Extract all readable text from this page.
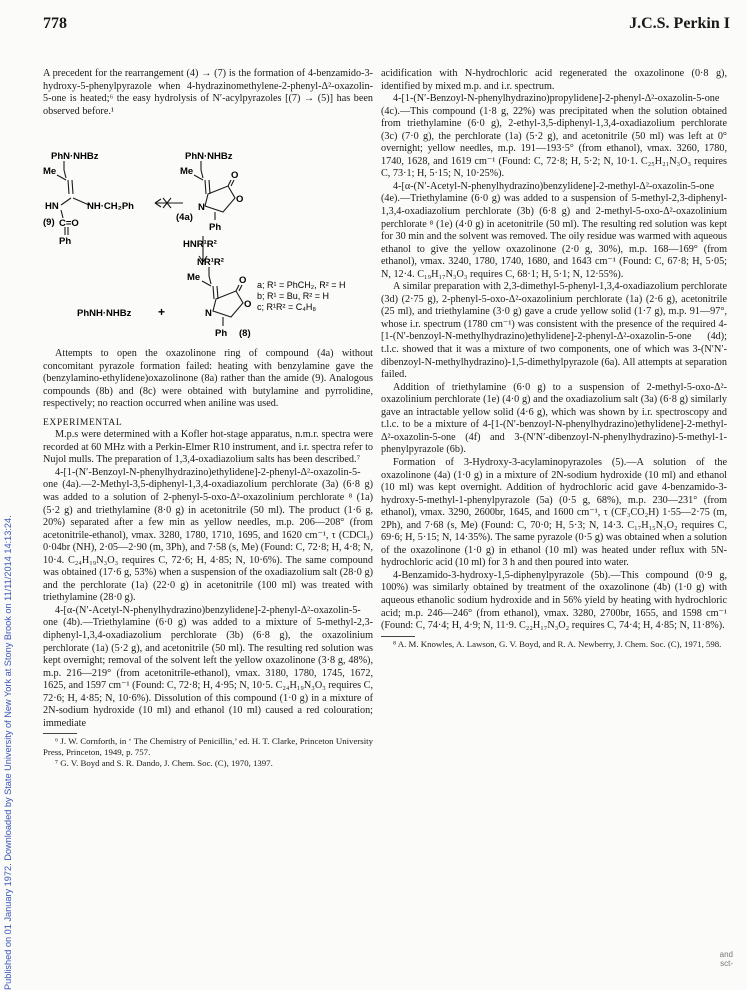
778	J.C.S. Perkin I
Published on 01 January 1972. Downloaded by State University of New York at Stony Brook on 11/11/2014 14:13:24.

A precedent for the rearrangement (4) → (7) is the formation of 4-benzamido-3-hydroxy-5-phenylpyrazole when 4-hydrazinomethylene-2-phenyl-Δ²-oxazolin-5-one is heated;⁶ the easy hydrolysis of N′-acylpyrazoles [(7) → (5)] has been observed before.¹

PhN·NHBz
Me
HN	NH·CH₂Ph
C=O
Ph
(9)
PhN·NHBz
Me	O
O
N
(4a)
Ph
HNR¹R²
NR¹R²
Me	O
O
N
Ph (8)
PhNH·NHBz +
a; R¹ = PhCH₂, R² = H
b; R¹ = Bu, R² = H
c; R¹R² = C₄H₈

Attempts to open the oxazolinone ring of compound (4a) without concomitant pyrazole formation failed: heating with benzylamine gave the (benzylamino-ethylidene)oxazolinone (8a) rather than the amide (9). Analogous compounds (8b) and (8c) were obtained with butylamine and pyrrolidine, respectively; no reaction occurred when aniline was used.

EXPERIMENTAL

M.p.s were determined with a Kofler hot-stage apparatus, n.m.r. spectra were recorded at 60 MHz with a Perkin-Elmer R10 instrument, and i.r. spectra refer to Nujol mulls. The preparation of 1,3,4-oxadiazolium salts has been described.⁷

4-[1-(N′-Benzoyl-N-phenylhydrazino)ethylidene]-2-phenyl-Δ²-oxazolin-5-one (4a).—2-Methyl-3,5-diphenyl-1,3,4-oxadiazolium perchlorate (3a) (6·8 g) was added to a solution of 2-phenyl-5-oxo-Δ²-oxazolinium perchlorate ⁸ (1a) (5·2 g) and triethylamine (8·0 g) in acetonitrile (50 ml). The product (1·6 g, 20%) separated after a few min as yellow needles, m.p. 206—208° (from acetonitrile-ethanol), νmax. 3280, 1780, 1710, 1695, and 1620 cm⁻¹, τ (CDCl₃) 0·04br (NH), 2·05—2·90 (m, 3Ph), and 7·58 (s, Me) (Found: C, 72·8; H, 4·8; N, 10·4. C₂₄H₁₉N₃O₃ requires C, 72·6; H, 4·85; N, 10·6%). The same compound was obtained (17·6 g, 53%) when a suspension of the oxadiazolium salt (28·0 g) and the perchlorate (1a) (22·0 g) in acetonitrile (100 ml) was treated with triethylamine (28·0 g).

4-[α-(N′-Acetyl-N-phenylhydrazino)benzylidene]-2-phenyl-Δ²-oxazolin-5-one (4b).—Triethylamine (6·0 g) was added to a mixture of 5-methyl-2,3-diphenyl-1,3,4-oxadiazolium perchlorate (3b) (6·8 g), the oxazolinium perchlorate (1a) (5·2 g), and acetonitrile (50 ml). The resulting red solution was kept overnight; removal of the solvent left the yellow oxazolinone (3·8 g, 48%), m.p. 216—219° (from acetonitrile-ethanol), νmax. 3180, 1780, 1745, 1672, 1625, and 1597 cm⁻¹ (Found: C, 72·8; H, 4·95; N, 10·5. C₂₄H₁₉N₃O₃ requires C, 72·6; H, 4·85; N, 10·6%). Dissolution of this compound (1·0 g) in a mixture of 2N-sodium hydroxide (10 ml) and ethanol (10 ml) caused a red colouration; immediate

⁶ J. W. Cornforth, in ‘ The Chemistry of Penicillin,’ ed. H. T. Clarke, Princeton University Press, Princeton, 1949, p. 757.

⁷ G. V. Boyd and S. R. Dando, J. Chem. Soc. (C), 1970, 1397.

acidification with N-hydrochloric acid regenerated the oxazolinone (0·8 g), identified by mixed m.p. and i.r. spectrum.

4-[1-(N′-Benzoyl-N-phenylhydrazino)propylidene]-2-phenyl-Δ²-oxazolin-5-one (4c).—This compound (1·8 g, 22%) was precipitated when the solution obtained from triethylamine (6·0 g), 2-ethyl-3,5-diphenyl-1,3,4-oxadiazolium perchlorate (3c) (7·0 g), the perchlorate (1a) (5·2 g), and acetonitrile (50 ml) was left at 0° overnight; yellow needles, m.p. 191—193·5° (from ethanol), νmax. 3260, 1780, 1740, 1628, and 1619 cm⁻¹ (Found: C, 72·8; H, 5·2; N, 10·1. C₂₅H₂₁N₃O₃ requires C, 73·1; H, 5·15; N, 10·25%).

4-[α-(N′-Acetyl-N-phenylhydrazino)benzylidene]-2-methyl-Δ²-oxazolin-5-one (4e).—Triethylamine (6·0 g) was added to a suspension of 5-methyl-2,3-diphenyl-1,3,4-oxadiazolium perchlorate (3b) (6·8 g) and 2-methyl-5-oxo-Δ²-oxazolinium perchlorate ⁸ (1e) (4·0 g) in acetonitrile (50 ml). The resulting red solution was kept for 30 min and the solvent was removed. The oily residue was warmed with aqueous ethanol to give the yellow oxazolinone (2·0 g, 30%), m.p. 168—169° (from ethanol), νmax. 3240, 1780, 1740, 1680, and 1643 cm⁻¹ (Found: C, 67·8; H, 5·05; N, 12·4. C₁₉H₁₇N₃O₃ requires C, 68·1; H, 5·1; N, 12·55%).

A similar preparation with 2,3-dimethyl-5-phenyl-1,3,4-oxadiazolium perchlorate (3d) (2·75 g), 2-phenyl-5-oxo-Δ²-oxazolinium perchlorate (1a) (2·6 g), acetonitrile (25 ml), and triethylamine (3·0 g) gave a crude yellow solid (1·7 g), m.p. 91—97°, whose i.r. spectrum (1780 cm⁻¹) was consistent with the presence of the required 4-[1-(N′-benzoyl-N-methylhydrazino)ethylidene]-2-phenyl-Δ²-oxazolin-5-one (4d); t.l.c. showed that it was a mixture of two components, one of which was 3-(N′N′-dibenzoyl-N-methylhydrazino)-1,5-dimethylpyrazole (6a). All attempts at separation failed.

Addition of triethylamine (6·0 g) to a suspension of 2-methyl-5-oxo-Δ²-oxazolinium perchlorate (1e) (4·0 g) and the oxadiazolium salt (3a) (6·8 g) similarly gave an intractable yellow solid (4·6 g), which was shown by i.r. spectroscopy and t.l.c. to be a mixture of 4-[1-(N′-benzoyl-N-phenylhydrazino)ethylidene]-2-methyl-Δ²-oxazolin-5-one (4f) and 3-(N′N′-dibenzoyl-N-phenylhydrazino)-5-methyl-1-phenylpyrazole (6b).

Formation of 3-Hydroxy-3-acylaminopyrazoles (5).—A solution of the oxazolinone (4a) (1·0 g) in a mixture of 2N-sodium hydroxide (10 ml) and ethanol (10 ml) was kept overnight. Addition of hydrochloric acid gave 4-benzamido-3-hydroxy-5-methyl-1-phenylpyrazole (5a) (0·5 g, 68%), m.p. 230—231° (from ethanol), νmax. 3290, 2600br, 1645, and 1600 cm⁻¹, τ (CF₃CO₂H) 1·55—2·75 (m, 2Ph), and 7·68 (s, Me) (Found: C, 70·0; H, 5·3; N, 14·3. C₁₇H₁₅N₃O₂ requires C, 69·6; H, 5·15; N, 14·35%). The same pyrazole (0·5 g) was obtained when a solution of the oxazolinone (1·0 g) in ethanol (10 ml) was heated under reflux with 5N-hydrochloric acid (10 ml) for 3 h and then poured into water.

4-Benzamido-3-hydroxy-1,5-diphenylpyrazole (5b).—This compound (0·9 g, 100%) was similarly obtained by treatment of the oxazolinone (4b) (1·0 g) with aqueous ethanolic sodium hydroxide and in 56% yield by heating with hydrochloric acid; m.p. 246—246° (from ethanol), νmax. 3280, 2700br, 1655, and 1598 cm⁻¹ (Found: C, 74·4; H, 4·9; N, 11·9. C₂₂H₁₇N₃O₂ requires C, 74·4; H, 4·85; N, 11·8%).

⁸ A. M. Knowles, A. Lawson, G. V. Boyd, and R. A. Newberry, J. Chem. Soc. (C), 1971, 598.

and
sct-
